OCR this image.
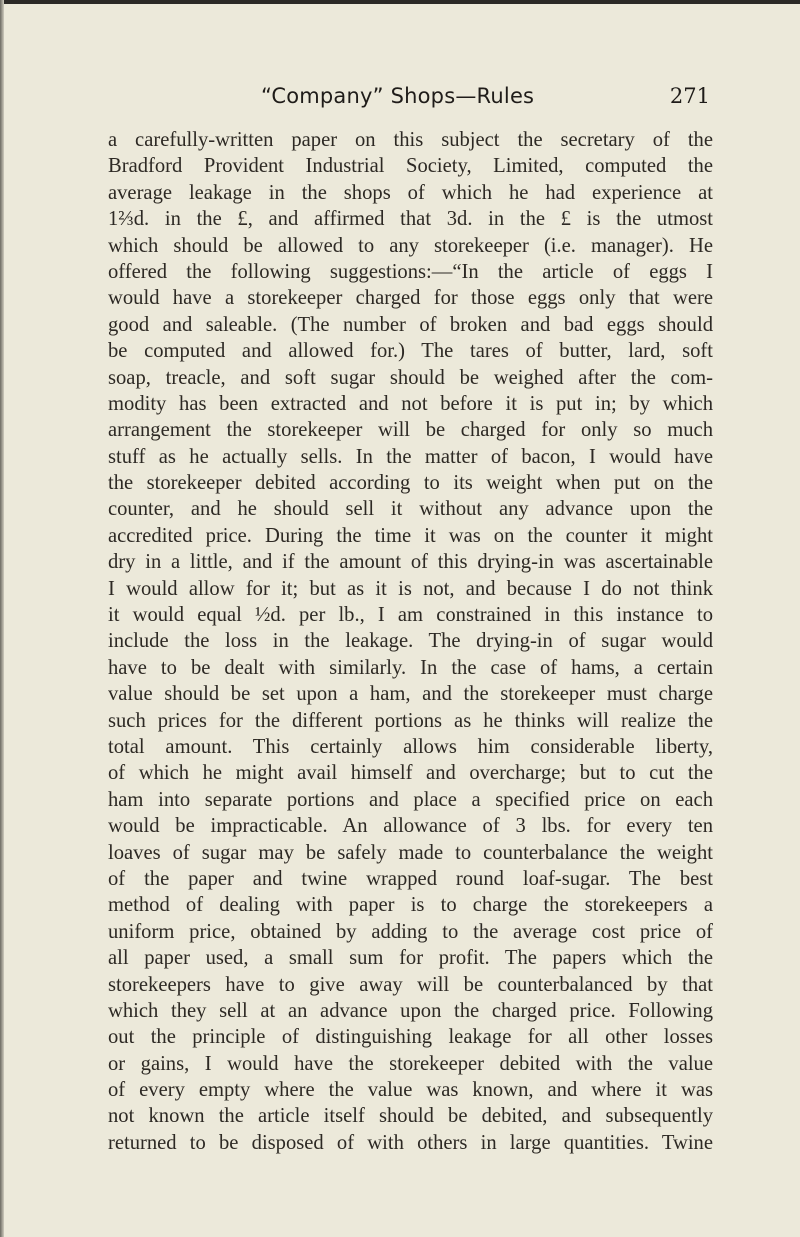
“Company” Shops—Rules	271
a carefully-written paper on this subject the secretary of the
Bradford Provident Industrial Society, Limited, computed the
average leakage in the shops of which he had experience at
1⅔d. in the £, and affirmed that 3d. in the £ is the utmost
which should be allowed to any storekeeper (i.e. manager). He
offered the following suggestions:—“In the article of eggs I
would have a storekeeper charged for those eggs only that were
good and saleable. (The number of broken and bad eggs should
be computed and allowed for.) The tares of butter, lard, soft
soap, treacle, and soft sugar should be weighed after the com-
modity has been extracted and not before it is put in; by which
arrangement the storekeeper will be charged for only so much
stuff as he actually sells. In the matter of bacon, I would have
the storekeeper debited according to its weight when put on the
counter, and he should sell it without any advance upon the
accredited price. During the time it was on the counter it might
dry in a little, and if the amount of this drying-in was ascertainable
I would allow for it; but as it is not, and because I do not think
it would equal ½d. per lb., I am constrained in this instance to
include the loss in the leakage. The drying-in of sugar would
have to be dealt with similarly. In the case of hams, a certain
value should be set upon a ham, and the storekeeper must charge
such prices for the different portions as he thinks will realize the
total amount. This certainly allows him considerable liberty,
of which he might avail himself and overcharge; but to cut the
ham into separate portions and place a specified price on each
would be impracticable. An allowance of 3 lbs. for every ten
loaves of sugar may be safely made to counterbalance the weight
of the paper and twine wrapped round loaf-sugar. The best
method of dealing with paper is to charge the storekeepers a
uniform price, obtained by adding to the average cost price of
all paper used, a small sum for profit. The papers which the
storekeepers have to give away will be counterbalanced by that
which they sell at an advance upon the charged price. Following
out the principle of distinguishing leakage for all other losses
or gains, I would have the storekeeper debited with the value
of every empty where the value was known, and where it was
not known the article itself should be debited, and subsequently
returned to be disposed of with others in large quantities. Twine
